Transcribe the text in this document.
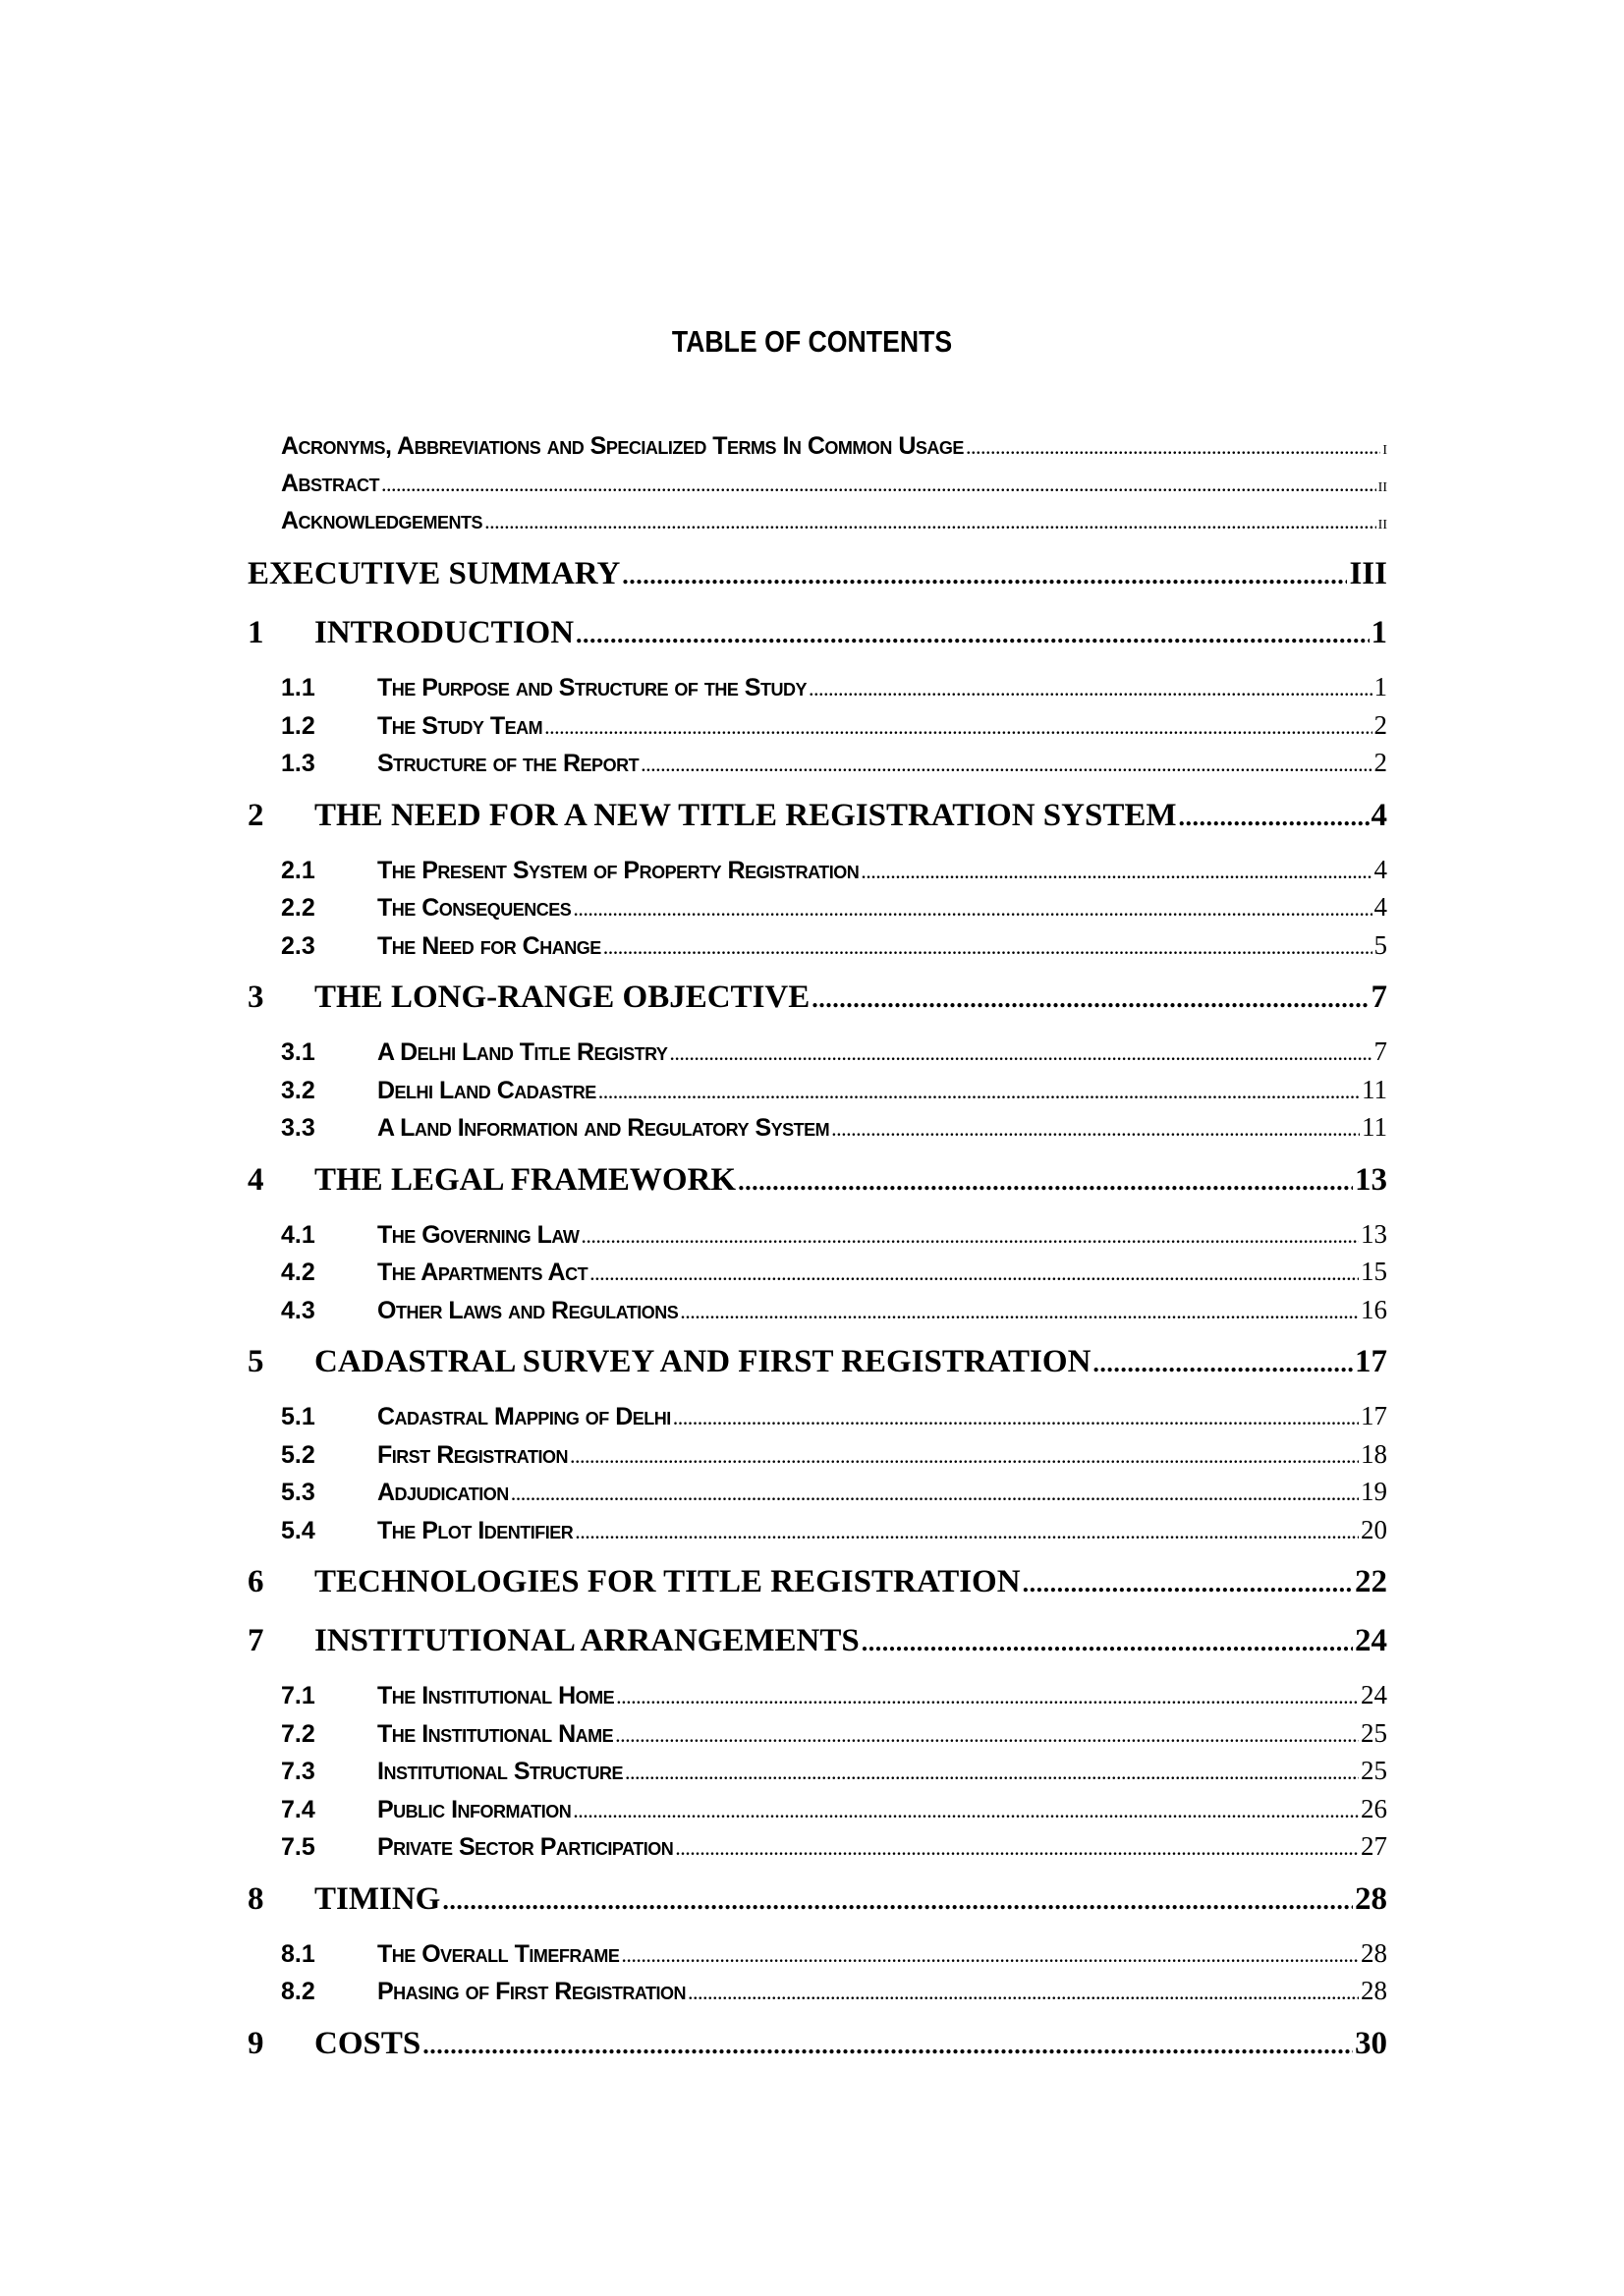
TABLE OF CONTENTS
Acronyms, Abbreviations and Specialized Terms In Common Usage . . .	i
Abstract . . .	ii
Acknowledgements . . .	ii
EXECUTIVE SUMMARY . . .	III
1	INTRODUCTION . . .	1
1.1	The Purpose and Structure of the Study . . .	1
1.2	The Study Team . . .	2
1.3	Structure of the Report . . .	2
2	THE NEED FOR A NEW TITLE REGISTRATION SYSTEM . . .	4
2.1	The Present System of Property Registration . . .	4
2.2	The Consequences . . .	4
2.3	The Need for Change . . .	5
3	THE LONG-RANGE OBJECTIVE . . .	7
3.1	A Delhi Land Title Registry . . .	7
3.2	Delhi Land Cadastre . . .	11
3.3	A Land Information and Regulatory System . . .	11
4	THE LEGAL FRAMEWORK . . .	13
4.1	The Governing Law . . .	13
4.2	The Apartments Act . . .	15
4.3	Other Laws and Regulations . . .	16
5	CADASTRAL SURVEY AND FIRST REGISTRATION . . .	17
5.1	Cadastral Mapping of Delhi . . .	17
5.2	First Registration . . .	18
5.3	Adjudication . . .	19
5.4	The Plot Identifier . . .	20
6	TECHNOLOGIES FOR TITLE REGISTRATION . . .	22
7	INSTITUTIONAL ARRANGEMENTS . . .	24
7.1	The Institutional Home . . .	24
7.2	The Institutional Name . . .	25
7.3	Institutional Structure . . .	25
7.4	Public Information . . .	26
7.5	Private Sector Participation . . .	27
8	TIMING . . .	28
8.1	The Overall Timeframe . . .	28
8.2	Phasing of First Registration . . .	28
9	COSTS . . .	30
